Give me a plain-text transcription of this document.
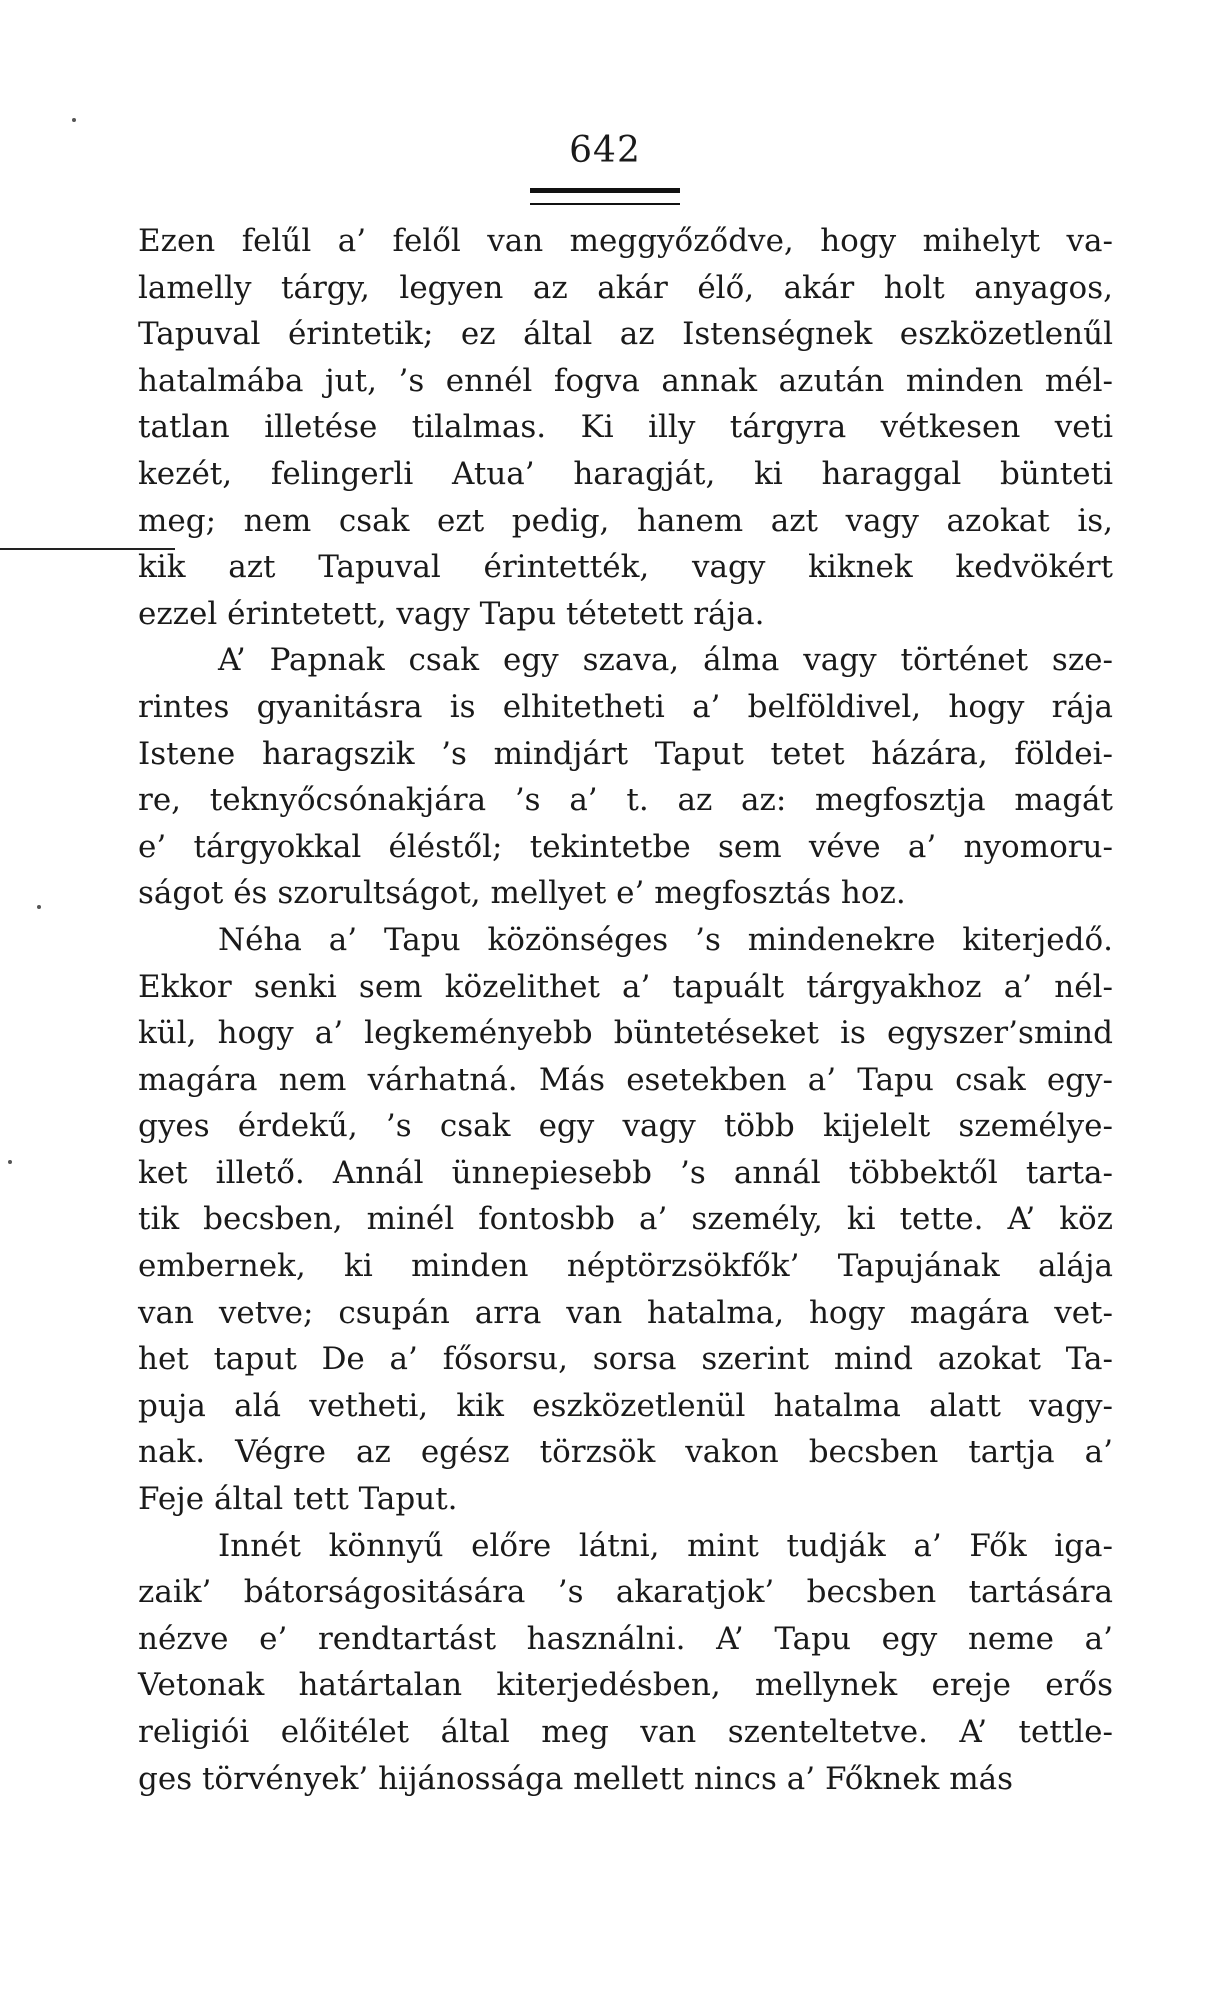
642
Ezen felűl a’ felől van meggyőződve, hogy mihelyt va-
lamelly tárgy, legyen az akár élő, akár holt anyagos,
Tapuval érintetik; ez által az Istenségnek eszközetlenűl
hatalmába jut, ’s ennél fogva annak azután minden mél-
tatlan illetése tilalmas. Ki illy tárgyra vétkesen veti
kezét, felingerli Atua’ haragját, ki haraggal bünteti
meg; nem csak ezt pedig, hanem azt vagy azokat is,
kik azt Tapuval érintették, vagy kiknek kedvökért
ezzel érintetett, vagy Tapu tétetett rája.
A’ Papnak csak egy szava, álma vagy történet sze-
rintes gyanitásra is elhitetheti a’ belföldivel, hogy rája
Istene haragszik ’s mindjárt Taput tetet házára, földei-
re, teknyőcsónakjára ’s a’ t. az az: megfosztja magát
e’ tárgyokkal éléstől; tekintetbe sem véve a’ nyomoru-
ságot és szorultságot, mellyet e’ megfosztás hoz.
Néha a’ Tapu közönséges ’s mindenekre kiterjedő.
Ekkor senki sem közelithet a’ tapuált tárgyakhoz a’ nél-
kül, hogy a’ legkeményebb büntetéseket is egyszer’smind
magára nem várhatná. Más esetekben a’ Tapu csak egy-
gyes érdekű, ’s csak egy vagy több kijelelt személye-
ket illető. Annál ünnepiesebb ’s annál többektől tarta-
tik becsben, minél fontosbb a’ személy, ki tette. A’ köz
embernek, ki minden néptörzsökfők’ Tapujának alája
van vetve; csupán arra van hatalma, hogy magára vet-
het taput De a’ fősorsu, sorsa szerint mind azokat Ta-
puja alá vetheti, kik eszközetlenül hatalma alatt vagy-
nak. Végre az egész törzsök vakon becsben tartja a’
Feje által tett Taput.
Innét könnyű előre látni, mint tudják a’ Fők iga-
zaik’ bátorságositására ’s akaratjok’ becsben tartására
nézve e’ rendtartást használni. A’ Tapu egy neme a’
Vetonak határtalan kiterjedésben, mellynek ereje erős
religiói előitélet által meg van szenteltetve. A’ tettle-
ges törvények’ hijánossága mellett nincs a’ Főknek más
